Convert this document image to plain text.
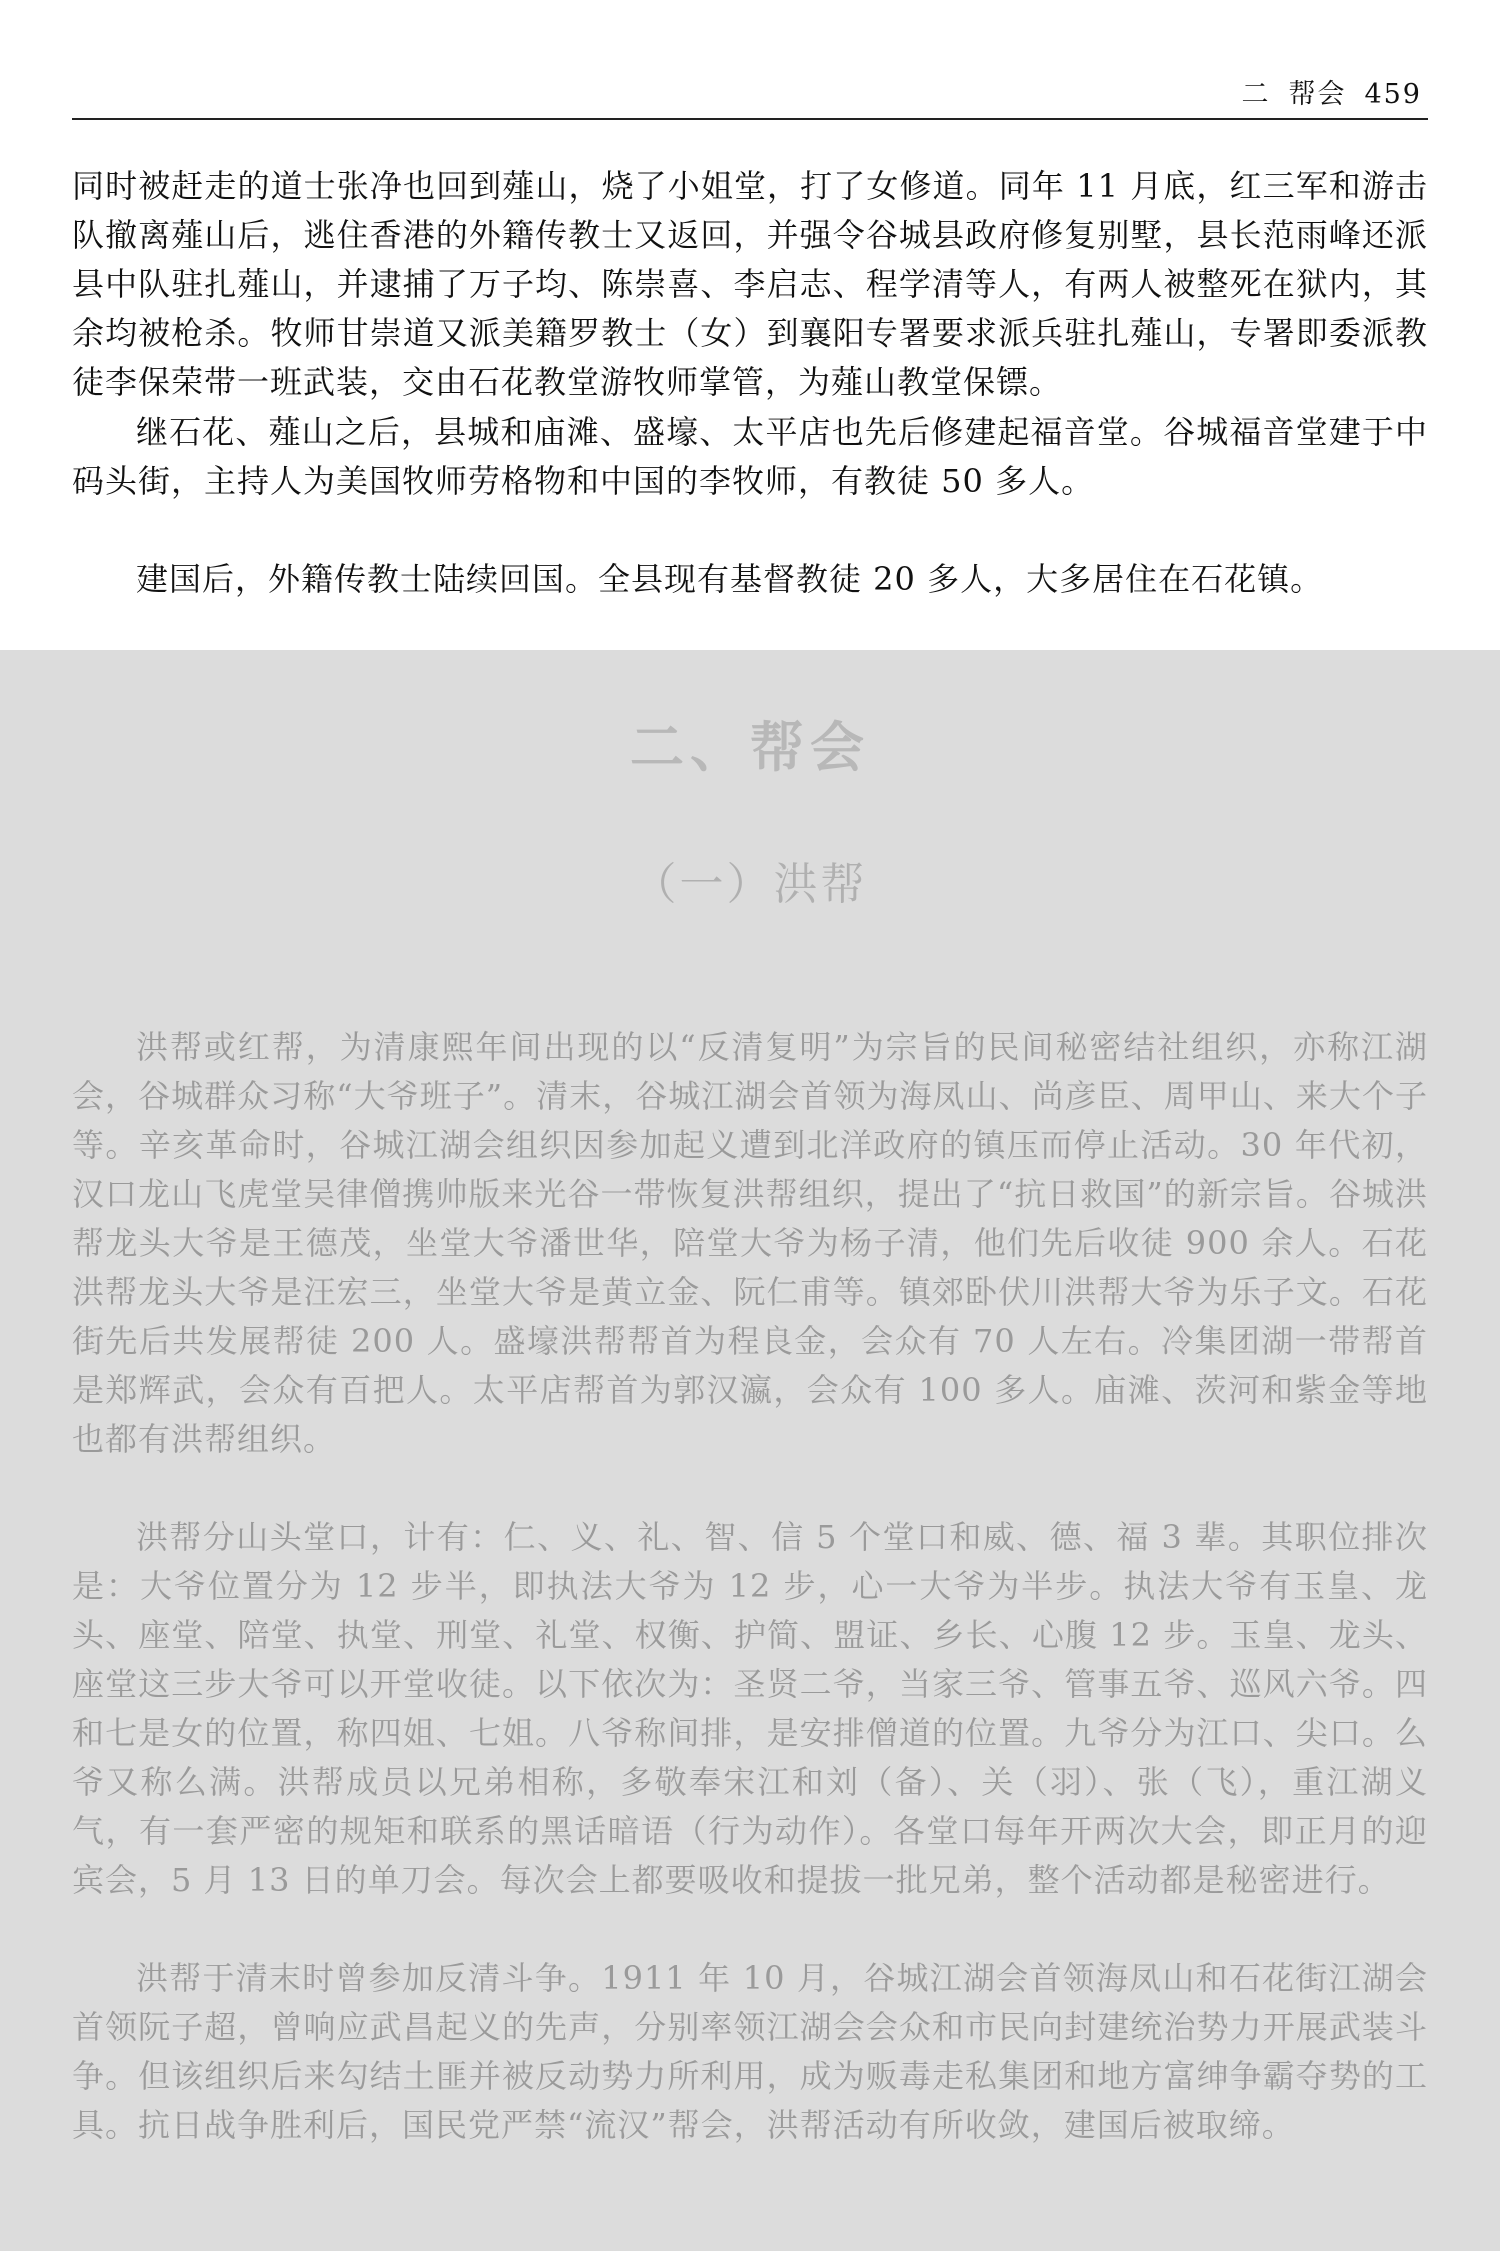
二 帮会 459

同时被赶走的道士张净也回到薤山，烧了小姐堂，打了女修道。同年 11 月底，红三军和游击队撤离薤山后，逃住香港的外籍传教士又返回，并强令谷城县政府修复别墅，县长范雨峰还派县中队驻扎薤山，并逮捕了万子均、陈崇喜、李启志、程学清等人，有两人被整死在狱内，其余均被枪杀。牧师甘崇道又派美籍罗教士（女）到襄阳专署要求派兵驻扎薤山，专署即委派教徒李保荣带一班武装，交由石花教堂游牧师掌管，为薤山教堂保镖。

继石花、薤山之后，县城和庙滩、盛壕、太平店也先后修建起福音堂。谷城福音堂建于中码头街，主持人为美国牧师劳格物和中国的李牧师，有教徒 50 多人。

建国后，外籍传教士陆续回国。全县现有基督教徒 20 多人，大多居住在石花镇。

二、帮会
（一）洪帮

洪帮或红帮，为清康熙年间出现的以“反清复明”为宗旨的民间秘密结社组织，亦称江湖会，谷城群众习称“大爷班子”。清末，谷城江湖会首领为海凤山、尚彦臣、周甲山、来大个子等。辛亥革命时，谷城江湖会组织因参加起义遭到北洋政府的镇压而停止活动。30 年代初，汉口龙山飞虎堂吴律僧携帅版来光谷一带恢复洪帮组织，提出了“抗日救国”的新宗旨。谷城洪帮龙头大爷是王德茂，坐堂大爷潘世华，陪堂大爷为杨子清，他们先后收徒 900 余人。石花洪帮龙头大爷是汪宏三，坐堂大爷是黄立金、阮仁甫等。镇郊卧伏川洪帮大爷为乐子文。石花街先后共发展帮徒 200 人。盛壕洪帮帮首为程良金，会众有 70 人左右。冷集团湖一带帮首是郑辉武，会众有百把人。太平店帮首为郭汉瀛，会众有 100 多人。庙滩、茨河和紫金等地也都有洪帮组织。

洪帮分山头堂口，计有：仁、义、礼、智、信 5 个堂口和威、德、福 3 辈。其职位排次是：大爷位置分为 12 步半，即执法大爷为 12 步，心一大爷为半步。执法大爷有玉皇、龙头、座堂、陪堂、执堂、刑堂、礼堂、权衡、护简、盟证、乡长、心腹 12 步。玉皇、龙头、座堂这三步大爷可以开堂收徒。以下依次为：圣贤二爷，当家三爷、管事五爷、巡风六爷。四和七是女的位置，称四姐、七姐。八爷称间排，是安排僧道的位置。九爷分为江口、尖口。么爷又称么满。洪帮成员以兄弟相称，多敬奉宋江和刘（备）、关（羽）、张（飞），重江湖义气，有一套严密的规矩和联系的黑话暗语（行为动作）。各堂口每年开两次大会，即正月的迎宾会，5 月 13 日的单刀会。每次会上都要吸收和提拔一批兄弟，整个活动都是秘密进行。

洪帮于清末时曾参加反清斗争。1911 年 10 月，谷城江湖会首领海凤山和石花街江湖会首领阮子超，曾响应武昌起义的先声，分别率领江湖会会众和市民向封建统治势力开展武装斗争。但该组织后来勾结土匪并被反动势力所利用，成为贩毒走私集团和地方富绅争霸夺势的工具。抗日战争胜利后，国民党严禁“流汉”帮会，洪帮活动有所收敛，建国后被取缔。
